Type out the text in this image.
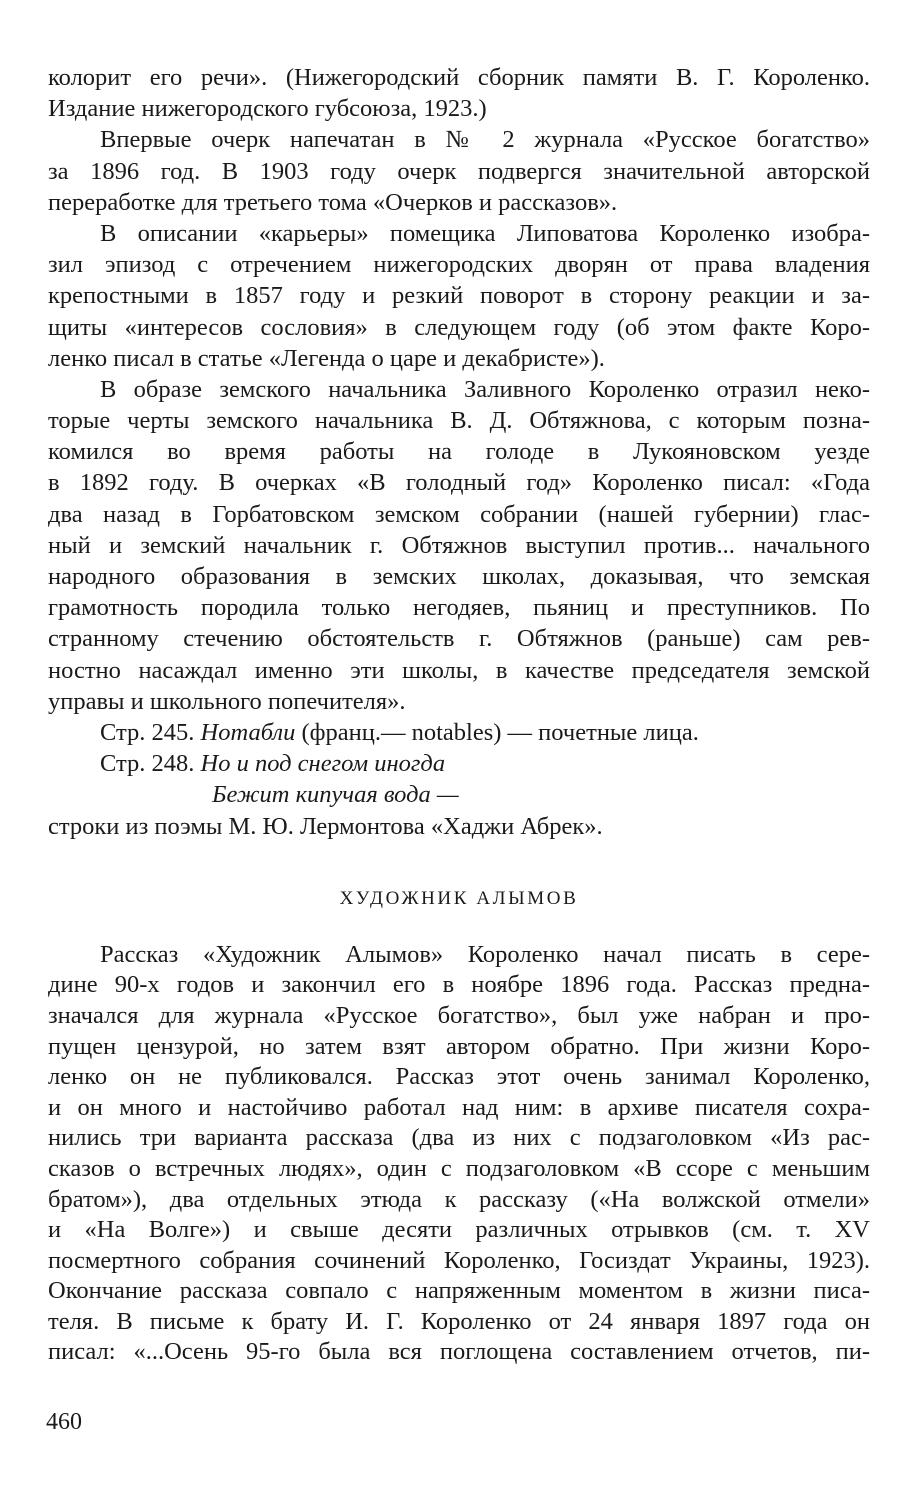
колорит его речи». (Нижегородский сборник памяти В. Г. Короленко.
Издание нижегородского губсоюза, 1923.)
Впервые очерк напечатан в № 2 журнала «Русское богатство»
за 1896 год. В 1903 году очерк подвергся значительной авторской
переработке для третьего тома «Очерков и рассказов».
В описании «карьеры» помещика Липоватова Короленко изобра-
зил эпизод с отречением нижегородских дворян от права владения
крепостными в 1857 году и резкий поворот в сторону реакции и за-
щиты «интересов сословия» в следующем году (об этом факте Коро-
ленко писал в статье «Легенда о царе и декабристе»).
В образе земского начальника Заливного Короленко отразил неко-
торые черты земского начальника В. Д. Обтяжнова, с которым позна-
комился во время работы на голоде в Лукояновском уезде
в 1892 году. В очерках «В голодный год» Короленко писал: «Года
два назад в Горбатовском земском собрании (нашей губернии) глас-
ный и земский начальник г. Обтяжнов выступил против... начального
народного образования в земских школах, доказывая, что земская
грамотность породила только негодяев, пьяниц и преступников. По
странному стечению обстоятельств г. Обтяжнов (раньше) сам рев-
ностно насаждал именно эти школы, в качестве председателя земской
управы и школьного попечителя».
Стр. 245. Нотабли (франц.— notables) — почетные лица.
Стр. 248. Но и под снегом иногда
Бежит кипучая вода —
строки из поэмы М. Ю. Лермонтова «Хаджи Абрек».
ХУДОЖНИК АЛЫМОВ
Рассказ «Художник Алымов» Короленко начал писать в сере-
дине 90-х годов и закончил его в ноябре 1896 года. Рассказ предна-
значался для журнала «Русское богатство», был уже набран и про-
пущен цензурой, но затем взят автором обратно. При жизни Коро-
ленко он не публиковался. Рассказ этот очень занимал Короленко,
и он много и настойчиво работал над ним: в архиве писателя сохра-
нились три варианта рассказа (два из них с подзаголовком «Из рас-
сказов о встречных людях», один с подзаголовком «В ссоре с меньшим
братом»), два отдельных этюда к рассказу («На волжской отмели»
и «На Волге») и свыше десяти различных отрывков (см. т. XV
посмертного собрания сочинений Короленко, Госиздат Украины, 1923).
Окончание рассказа совпало с напряженным моментом в жизни писа-
теля. В письме к брату И. Г. Короленко от 24 января 1897 года он
писал: «...Осень 95-го была вся поглощена составлением отчетов, пи-
460
